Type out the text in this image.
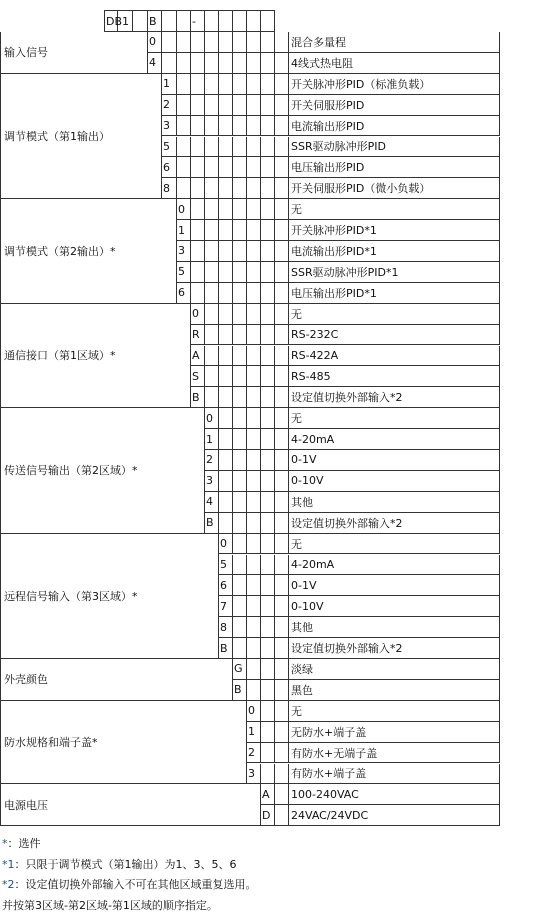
DB1 B	-
输入信号
0	混合多量程
4	4线式热电阻
调节模式（第1输出）
1	开关脉冲形PID（标准负载）
2	开关伺服形PID
3	电流输出形PID
5	SSR驱动脉冲形PID
6	电压输出形PID
8	开关伺服形PID（微小负载）
调节模式（第2输出）*
0	无
1	开关脉冲形PID*1
3	电流输出形PID*1
5	SSR驱动脉冲形PID*1
6	电压输出形PID*1
通信接口（第1区域）*
0	无
R	RS-232C
A	RS-422A
S	RS-485
B	设定值切换外部输入*2
传送信号输出（第2区域）*
0	无
1	4-20mA
2	0-1V
3	0-10V
4	其他
B	设定值切换外部输入*2
远程信号输入（第3区域）*
0	无
5	4-20mA
6	0-1V
7	0-10V
8	其他
B	设定值切换外部输入*2
外壳颜色
G	淡绿
B	黑色
防水规格和端子盖*
0	无
1	无防水+端子盖
2	有防水+无端子盖
3	有防水+端子盖
电源电压
A	100-240VAC
D	24VAC/24VDC
*：选件
*1：只限于调节模式（第1输出）为1、3、5、6
*2：设定值切换外部输入不可在其他区域重复选用。
并按第3区域-第2区域-第1区域的顺序指定。
